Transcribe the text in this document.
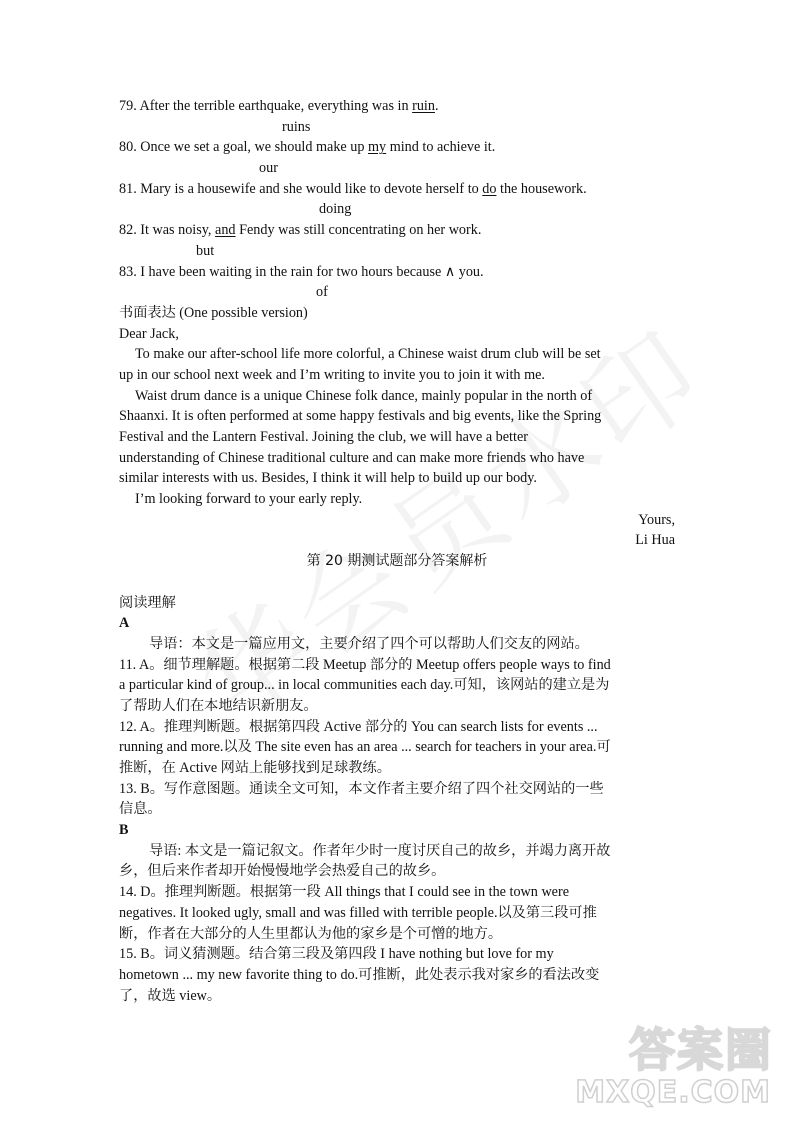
79. After the terrible earthquake, everything was in ruin.
ruins
80. Once we set a goal, we should make up my mind to achieve it.
our
81. Mary is a housewife and she would like to devote herself to do the housework.
doing
82. It was noisy, and Fendy was still concentrating on her work.
but
83. I have been waiting in the rain for two hours because ∧ you.
of
书面表达 (One possible version)
Dear Jack,
To make our after-school life more colorful, a Chinese waist drum club will be set
up in our school next week and I’m writing to invite you to join it with me.
Waist drum dance is a unique Chinese folk dance, mainly popular in the north of
Shaanxi. It is often performed at some happy festivals and big events, like the Spring
Festival and the Lantern Festival. Joining the club, we will have a better
understanding of Chinese traditional culture and can make more friends who have
similar interests with us. Besides, I think it will help to build up our body.
I’m looking forward to your early reply.
Yours,
Li Hua
第 20 期测试题部分答案解析
阅读理解
A
导语：本文是一篇应用文，主要介绍了四个可以帮助人们交友的网站。
11. A。细节理解题。根据第二段 Meetup 部分的 Meetup offers people ways to find
a particular kind of group... in local communities each day.可知，该网站的建立是为
了帮助人们在本地结识新朋友。
12. A。推理判断题。根据第四段 Active 部分的 You can search lists for events ...
running and more.以及 The site even has an area ... search for teachers in your area.可
推断，在 Active 网站上能够找到足球教练。
13. B。写作意图题。通读全文可知，本文作者主要介绍了四个社交网站的一些
信息。
B
导语: 本文是一篇记叙文。作者年少时一度讨厌自己的故乡，并竭力离开故
乡，但后来作者却开始慢慢地学会热爱自己的故乡。
14. D。推理判断题。根据第一段 All things that I could see in the town were
negatives. It looked ugly, small and was filled with terrible people.以及第三段可推
断，作者在大部分的人生里都认为他的家乡是个可憎的地方。
15. B。词义猜测题。结合第三段及第四段 I have nothing but love for my
hometown ... my new favorite thing to do.可推断，此处表示我对家乡的看法改变
了，故选 view。
答案圈
MXQE.COM
